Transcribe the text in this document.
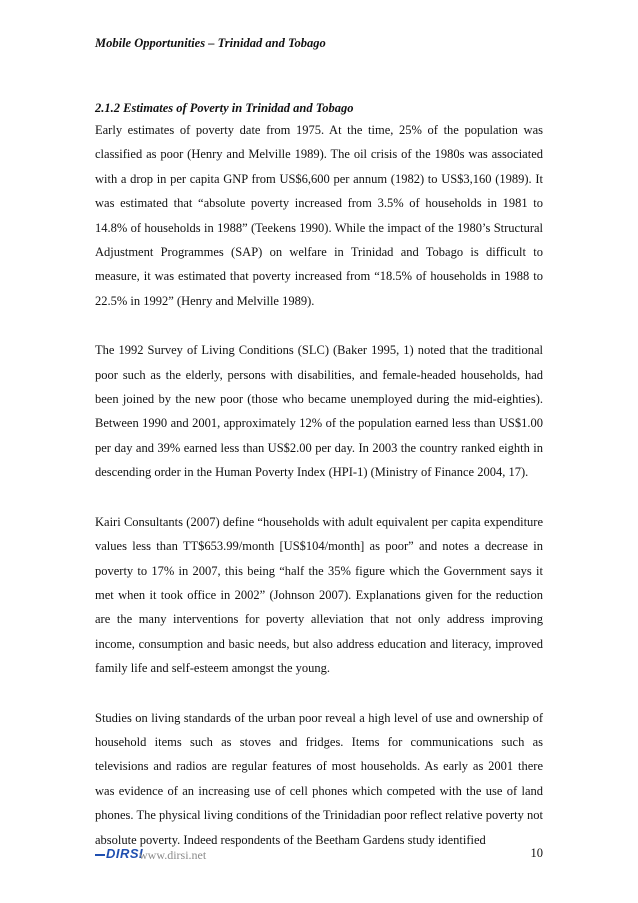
Mobile Opportunities – Trinidad and Tobago

2.1.2 Estimates of Poverty in Trinidad and Tobago

Early estimates of poverty date from 1975. At the time, 25% of the population was classified as poor (Henry and Melville 1989). The oil crisis of the 1980s was associated with a drop in per capita GNP from US$6,600 per annum (1982) to US$3,160 (1989). It was estimated that “absolute poverty increased from 3.5% of households in 1981 to 14.8% of households in 1988” (Teekens 1990). While the impact of the 1980’s Structural Adjustment Programmes (SAP) on welfare in Trinidad and Tobago is difficult to measure, it was estimated that poverty increased from “18.5% of households in 1988 to 22.5% in 1992” (Henry and Melville 1989).

The 1992 Survey of Living Conditions (SLC) (Baker 1995, 1) noted that the traditional poor such as the elderly, persons with disabilities, and female-headed households, had been joined by the new poor (those who became unemployed during the mid-eighties). Between 1990 and 2001, approximately 12% of the population earned less than US$1.00 per day and 39% earned less than US$2.00 per day. In 2003 the country ranked eighth in descending order in the Human Poverty Index (HPI-1) (Ministry of Finance 2004, 17).

Kairi Consultants (2007) define “households with adult equivalent per capita expenditure values less than TT$653.99/month [US$104/month] as poor” and notes a decrease in poverty to 17% in 2007, this being “half the 35% figure which the Government says it met when it took office in 2002” (Johnson 2007). Explanations given for the reduction are the many interventions for poverty alleviation that not only address improving income, consumption and basic needs, but also address education and literacy, improved family life and self-esteem amongst the young.

Studies on living standards of the urban poor reveal a high level of use and ownership of household items such as stoves and fridges. Items for communications such as televisions and radios are regular features of most households. As early as 2001 there was evidence of an increasing use of cell phones which competed with the use of land phones. The physical living conditions of the Trinidadian poor reflect relative poverty not absolute poverty. Indeed respondents of the Beetham Gardens study identified

DIRSI
www.dirsi.net	10
